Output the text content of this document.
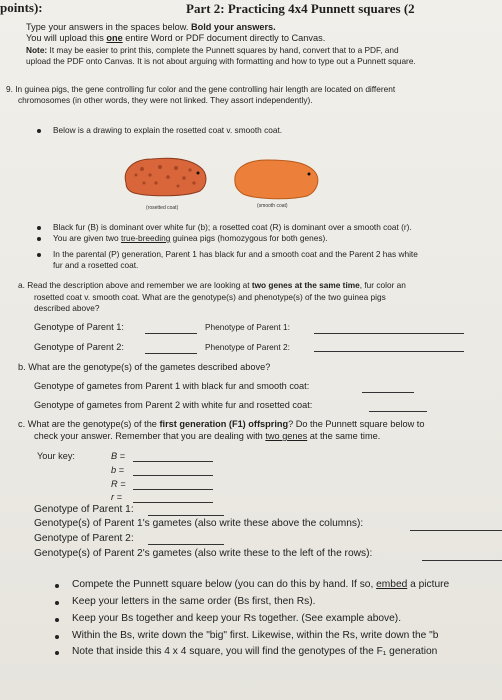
points):	Part 2: Practicing 4x4 Punnett squares (2
Type your answers in the spaces below. Bold your answers.
You will upload this one entire Word or PDF document directly to Canvas.
Note: It may be easier to print this, complete the Punnett squares by hand, convert that to a PDF, and
upload the PDF onto Canvas. It is not about arguing with formatting and how to type out a Punnett square.
9. In guinea pigs, the gene controlling fur color and the gene controlling hair length are located on different
chromosomes (in other words, they were not linked. They assort independently).
Below is a drawing to explain the rosetted coat v. smooth coat.
(rosetted coat)	(smooth coat)
Black fur (B) is dominant over white fur (b); a rosetted coat (R) is dominant over a smooth coat (r).
You are given two true-breeding guinea pigs (homozygous for both genes).
In the parental (P) generation, Parent 1 has black fur and a smooth coat and the Parent 2 has white
fur and a rosetted coat.
a. Read the description above and remember we are looking at two genes at the same time, fur color an
rosetted coat v. smooth coat. What are the genotype(s) and phenotype(s) of the two guinea pigs
described above?
Genotype of Parent 1:	Phenotype of Parent 1:
Genotype of Parent 2:	Phenotype of Parent 2:
b. What are the genotype(s) of the gametes described above?
Genotype of gametes from Parent 1 with black fur and smooth coat:
Genotype of gametes from Parent 2 with white fur and rosetted coat:
c. What are the genotype(s) of the first generation (F1) offspring? Do the Punnett square below to
check your answer. Remember that you are dealing with two genes at the same time.
Your key:	B =
b =
R =
r =
Genotype of Parent 1:
Genotype(s) of Parent 1's gametes (also write these above the columns):
Genotype of Parent 2:
Genotype(s) of Parent 2's gametes (also write these to the left of the rows):
Compete the Punnett square below (you can do this by hand. If so, embed a picture
Keep your letters in the same order (Bs first, then Rs).
Keep your Bs together and keep your Rs together. (See example above).
Within the Bs, write down the "big" first. Likewise, within the Rs, write down the "b
Note that inside this 4 x 4 square, you will find the genotypes of the F₁ generation
